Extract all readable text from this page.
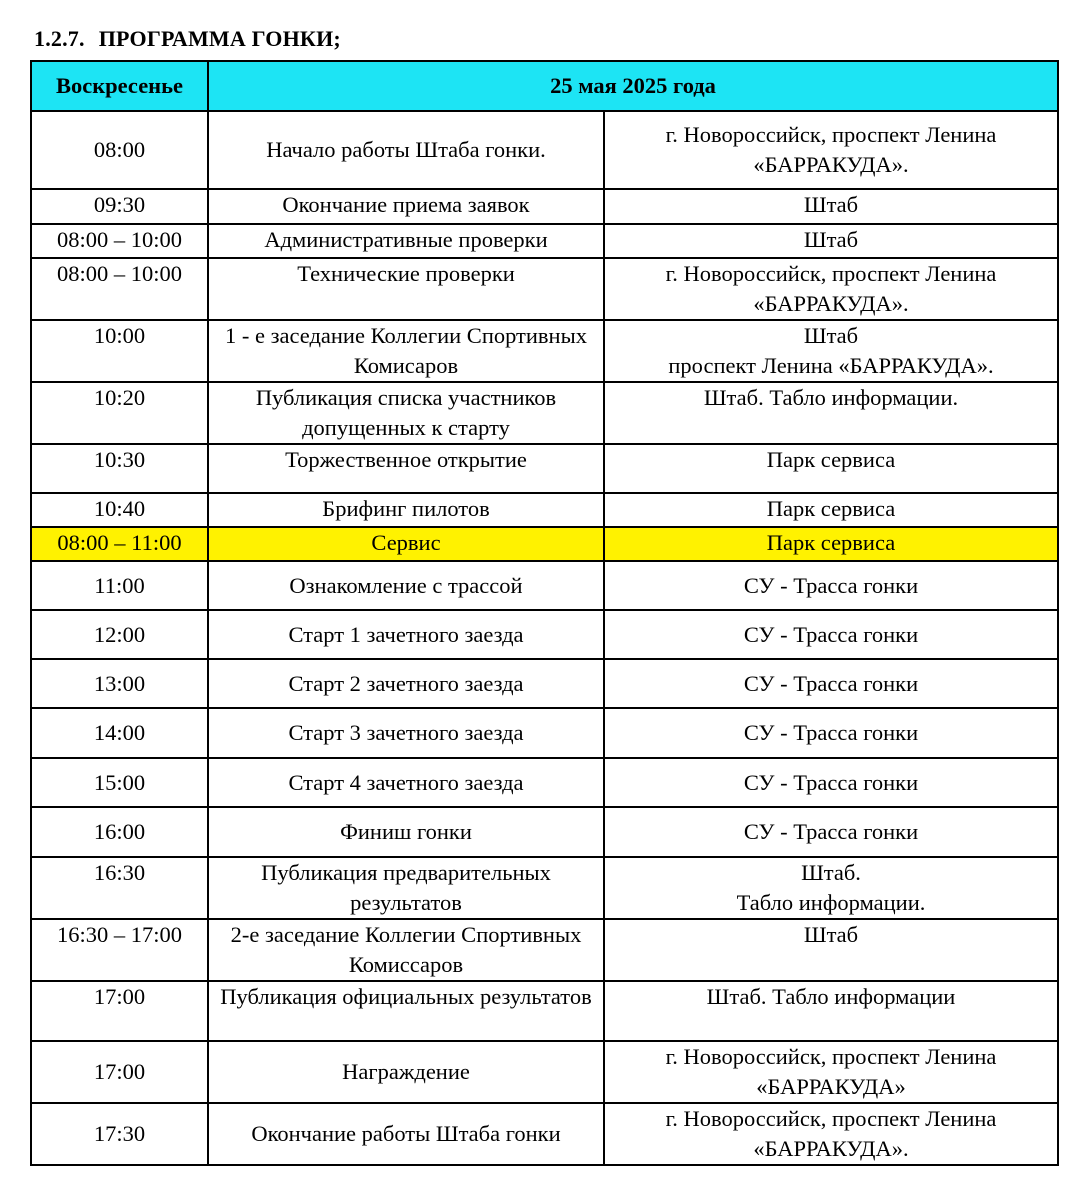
1.2.7. ПРОГРАММА ГОНКИ;
Воскресенье	25 мая 2025 года	
08:00	Начало работы Штаба гонки.	г. Новороссийск, проспект Ленина
«БАРРАКУДА».

09:30	Окончание приема заявок	Штаб
08:00 – 10:00	Административные проверки	Штаб
08:00 – 10:00	Технические проверки	г. Новороссийск, проспект Ленина
«БАРРАКУДА».

10:00	1 - е заседание Коллегии Спортивных Комисаров	Штаб
проспект Ленина «БАРРАКУДА».

10:20	Публикация списка участников допущенных к старту	Штаб. Табло информации.
10:30	Торжественное открытие	Парк сервиса
10:40	Брифинг пилотов	Парк сервиса
08:00 – 11:00	Сервис	Парк сервиса
11:00	Ознакомление с трассой	СУ - Трасса гонки
12:00	Старт 1 зачетного заезда	СУ - Трасса гонки
13:00	Старт 2 зачетного заезда	СУ - Трасса гонки
14:00	Старт 3 зачетного заезда	СУ - Трасса гонки
15:00	Старт 4 зачетного заезда	СУ - Трасса гонки
16:00	Финиш гонки	СУ - Трасса гонки
16:30	Публикация предварительных результатов	Штаб.
Табло информации.

16:30 – 17:00	2-е заседание Коллегии Спортивных Комиссаров	Штаб
17:00	Публикация официальных результатов	Штаб. Табло информации
17:00	Награждение	г. Новороссийск, проспект Ленина
«БАРРАКУДА»

17:30	Окончание работы Штаба гонки	г. Новороссийск, проспект Ленина
«БАРРАКУДА».
